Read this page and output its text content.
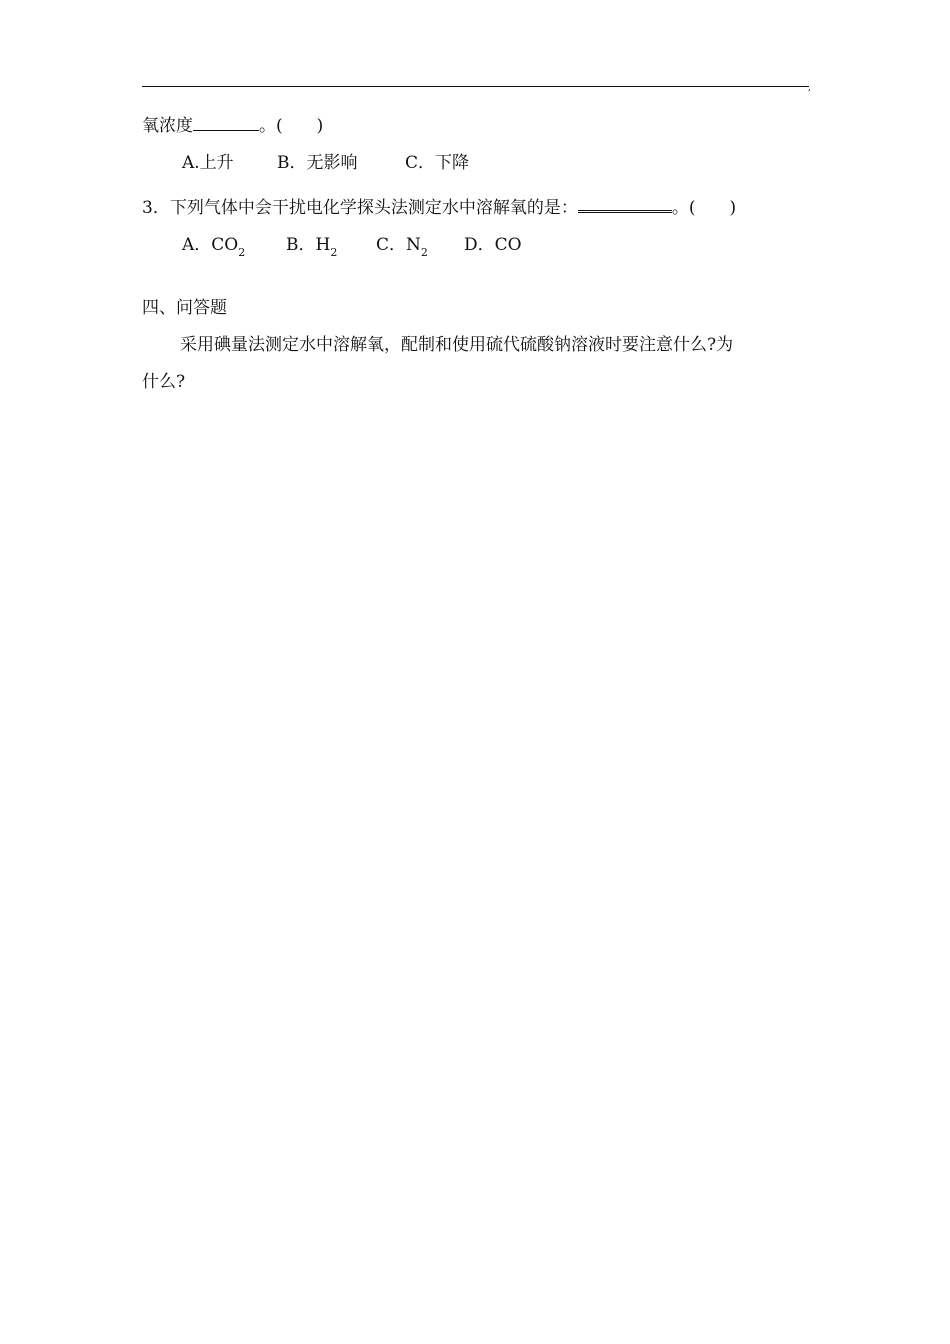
,
氧浓度	。( )
A.上升	B．无影响	C．下降
3．下列气体中会干扰电化学探头法测定水中溶解氧的是：	。( )
A．$CO_2$ B．$H_2$ C．$N_2$ D．CO
四、问答题
采用碘量法测定水中溶解氧，配制和使用硫代硫酸钠溶液时要注意什么?为
什么?
